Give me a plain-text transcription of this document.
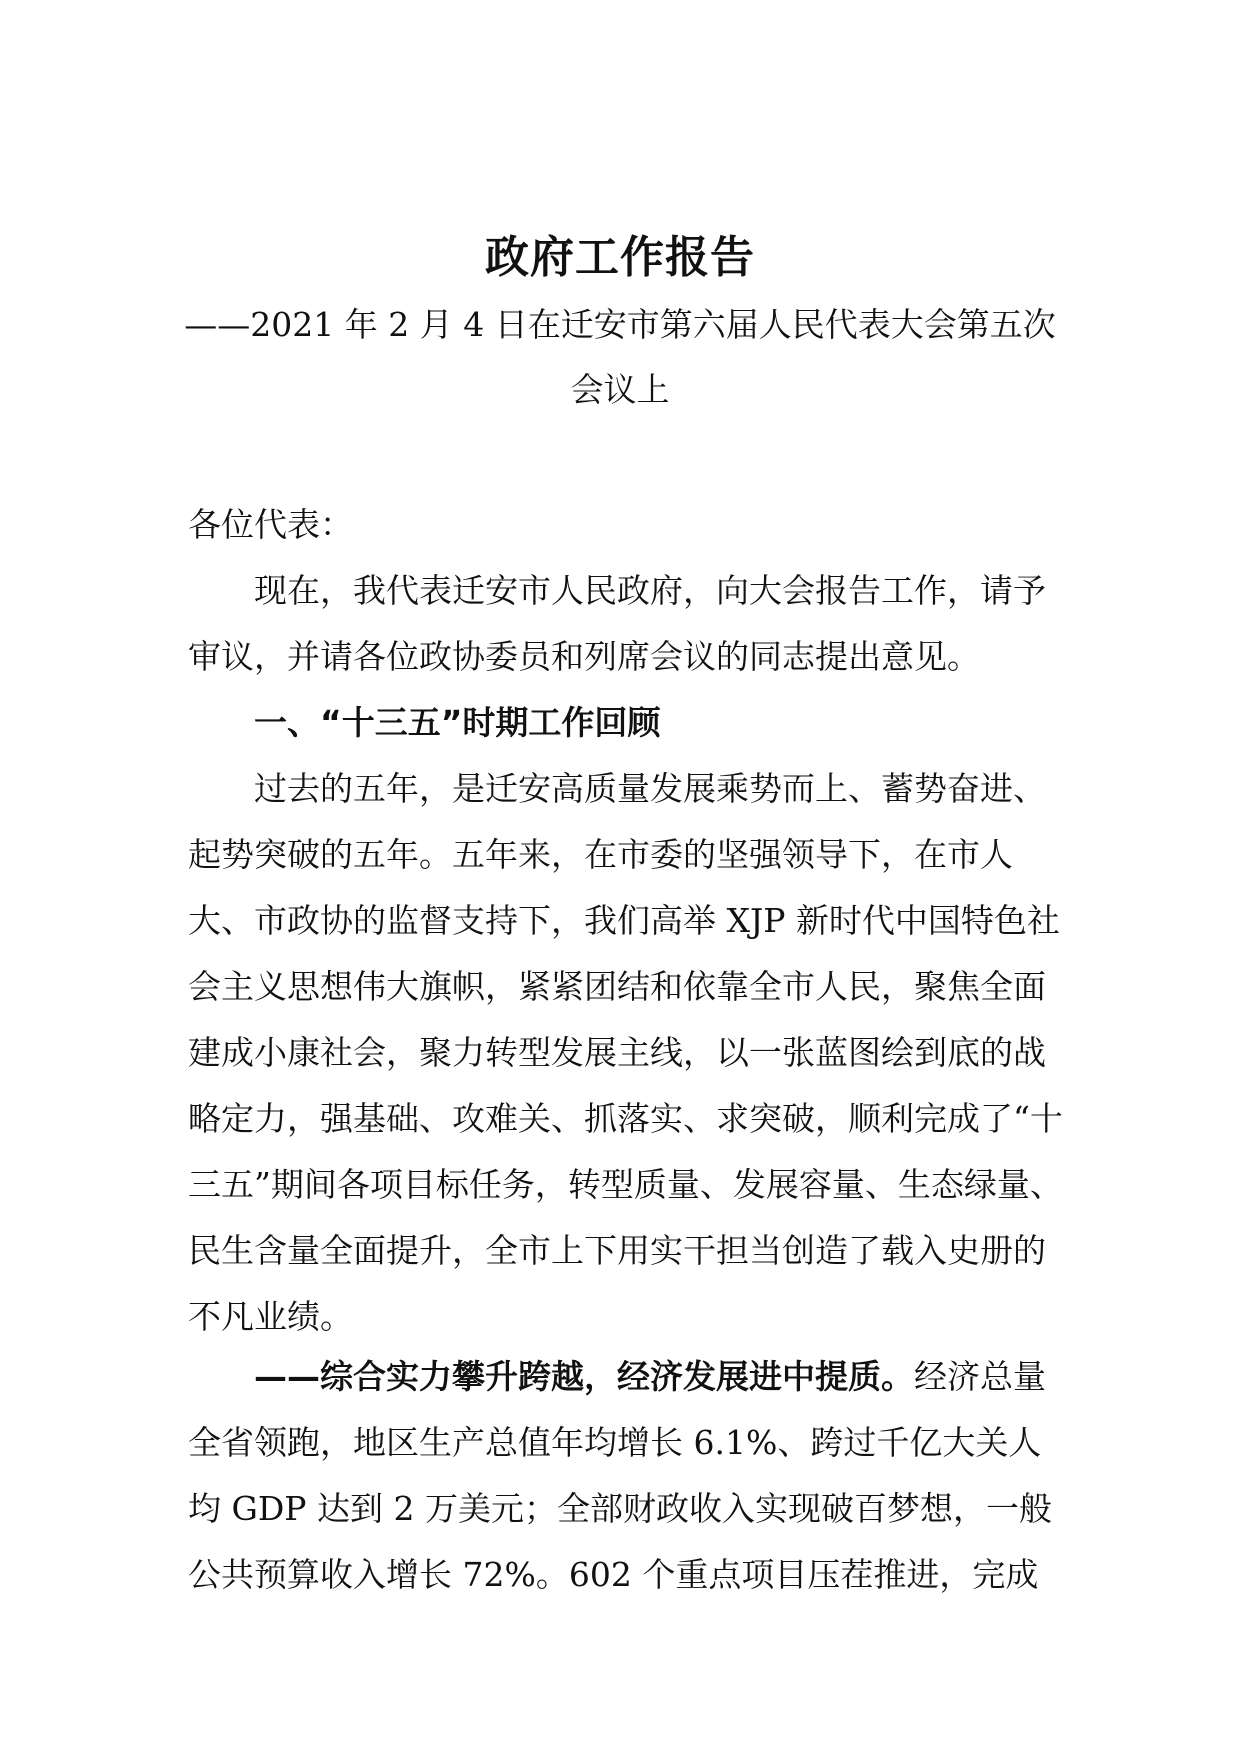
政府工作报告
——2021 年 2 月 4 日在迁安市第六届人民代表大会第五次
会议上

各位代表：

现在，我代表迁安市人民政府，向大会报告工作，请予审议，并请各位政协委员和列席会议的同志提出意见。

一、“十三五”时期工作回顾

过去的五年，是迁安高质量发展乘势而上、蓄势奋进、起势突破的五年。五年来，在市委的坚强领导下，在市人大、市政协的监督支持下，我们高举 XJP 新时代中国特色社会主义思想伟大旗帜，紧紧团结和依靠全市人民，聚焦全面建成小康社会，聚力转型发展主线，以一张蓝图绘到底的战略定力，强基础、攻难关、抓落实、求突破，顺利完成了“十三五”期间各项目标任务，转型质量、发展容量、生态绿量、民生含量全面提升，全市上下用实干担当创造了载入史册的不凡业绩。

——综合实力攀升跨越，经济发展进中提质。经济总量全省领跑，地区生产总值年均增长 6.1%、跨过千亿大关人均 GDP 达到 2 万美元；全部财政收入实现破百梦想，一般公共预算收入增长 72%。602 个重点项目压茬推进，完成
